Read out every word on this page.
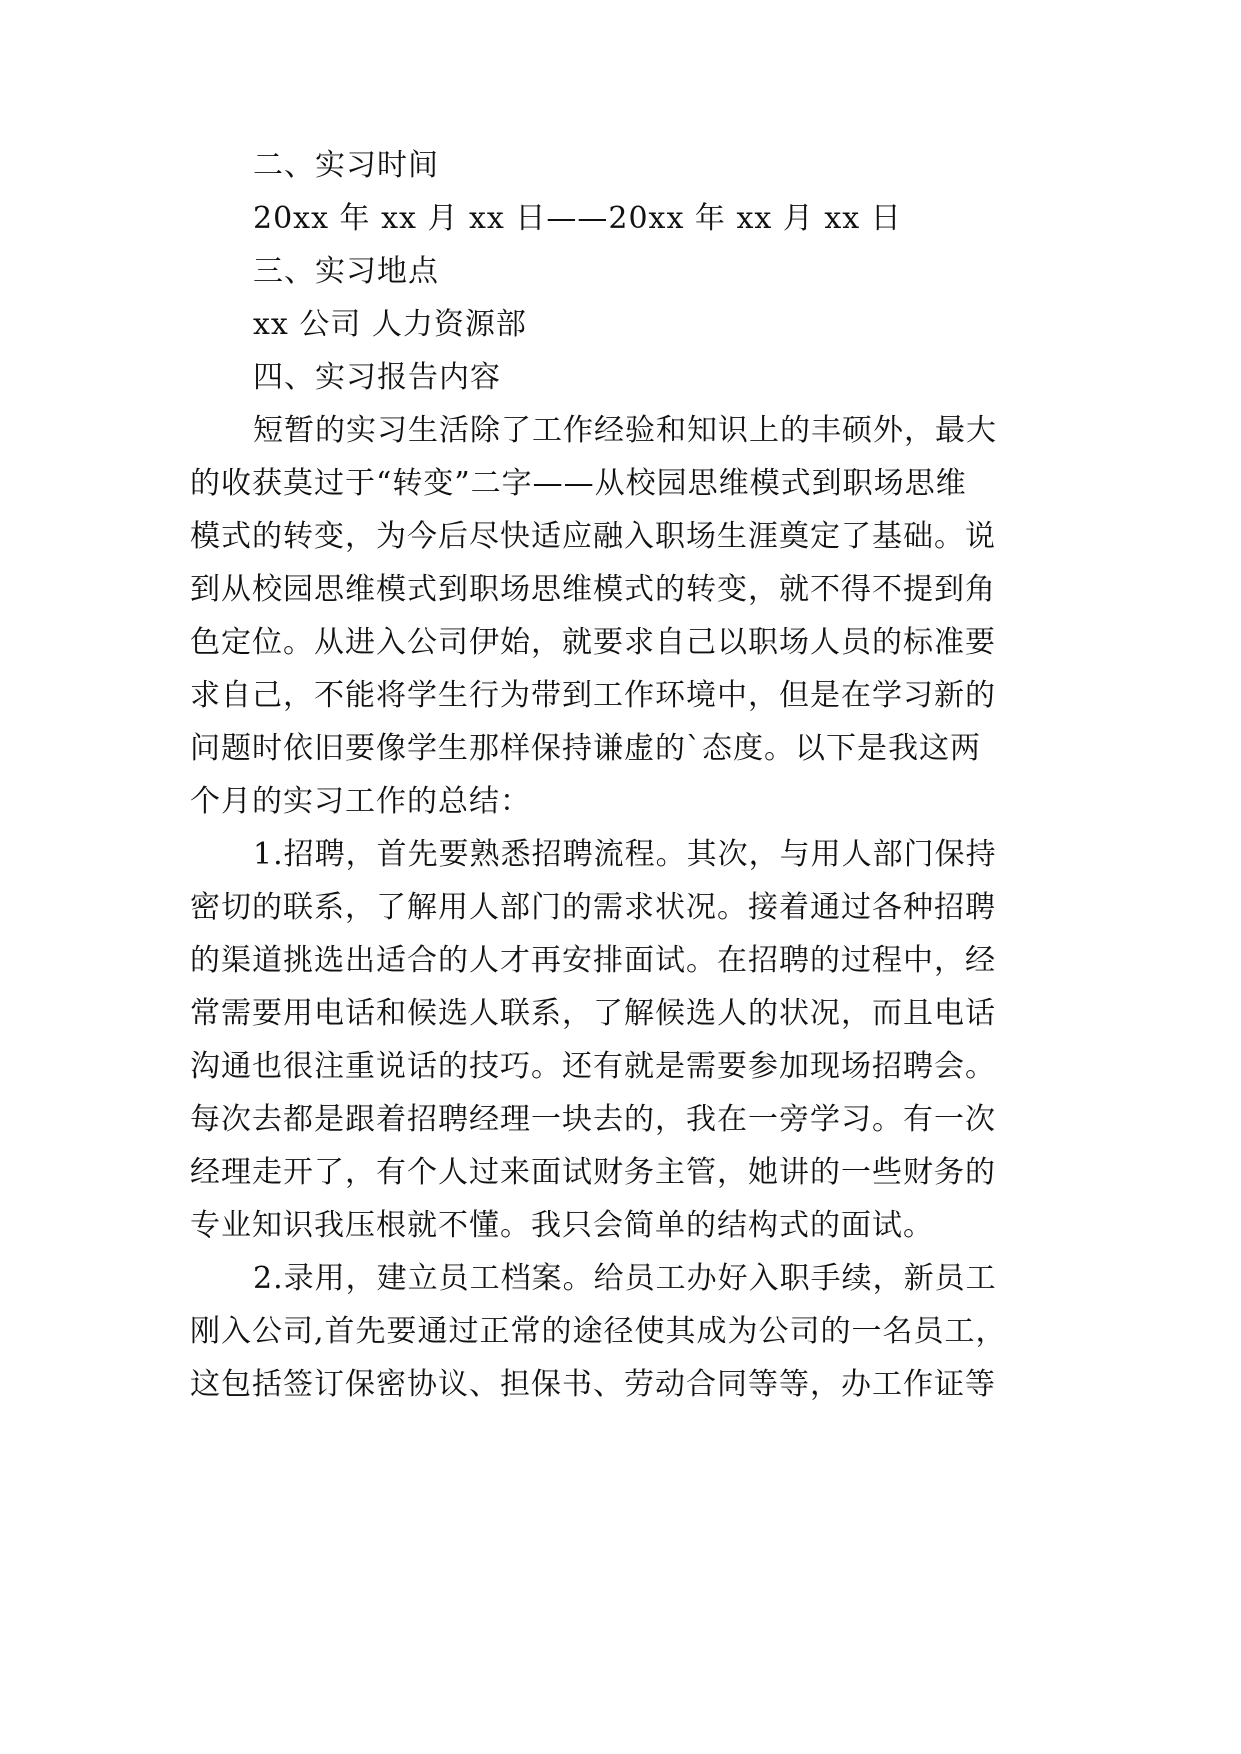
二、实习时间
20xx 年 xx 月 xx 日——20xx 年 xx 月 xx 日
三、实习地点
xx 公司 人力资源部
四、实习报告内容
短暂的实习生活除了工作经验和知识上的丰硕外，最大
的收获莫过于“转变”二字——从校园思维模式到职场思维
模式的转变，为今后尽快适应融入职场生涯奠定了基础。说
到从校园思维模式到职场思维模式的转变，就不得不提到角
色定位。从进入公司伊始，就要求自己以职场人员的标准要
求自己，不能将学生行为带到工作环境中，但是在学习新的
问题时依旧要像学生那样保持谦虚的`态度。以下是我这两
个月的实习工作的总结：
1.招聘，首先要熟悉招聘流程。其次，与用人部门保持
密切的联系，了解用人部门的需求状况。接着通过各种招聘
的渠道挑选出适合的人才再安排面试。在招聘的过程中，经
常需要用电话和候选人联系，了解候选人的状况，而且电话
沟通也很注重说话的技巧。还有就是需要参加现场招聘会。
每次去都是跟着招聘经理一块去的，我在一旁学习。有一次
经理走开了，有个人过来面试财务主管，她讲的一些财务的
专业知识我压根就不懂。我只会简单的结构式的面试。
2.录用，建立员工档案。给员工办好入职手续，新员工
刚入公司,首先要通过正常的途径使其成为公司的一名员工，
这包括签订保密协议、担保书、劳动合同等等，办工作证等
